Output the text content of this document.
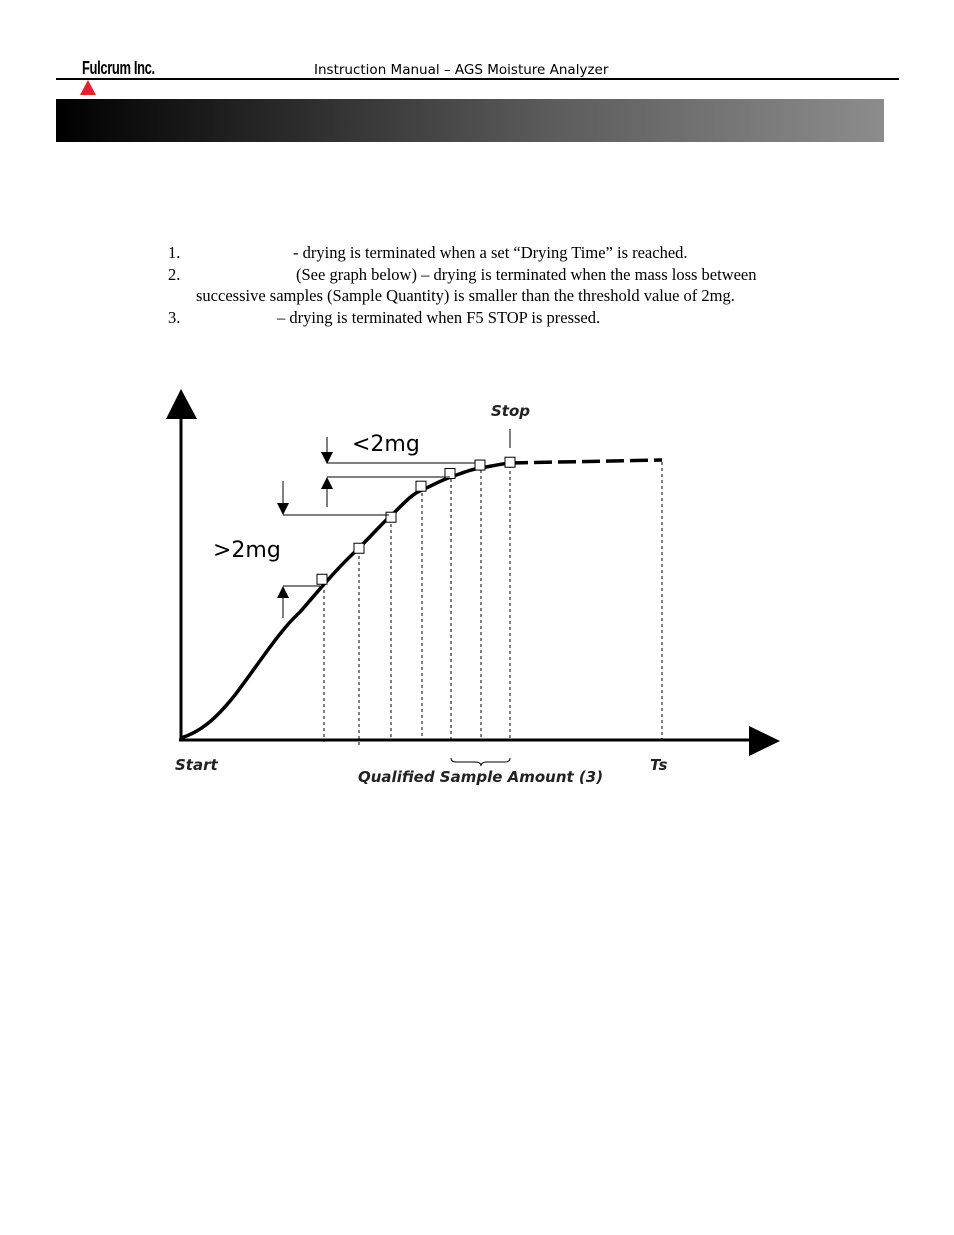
Fulcrum Inc.	Instruction Manual – AGS Moisture Analyzer
1.	- drying is terminated when a set “Drying Time” is reached.
2.	(See graph below) – drying is terminated when the mass loss between
successive samples (Sample Quantity) is smaller than the threshold value of 2mg.
3.	– drying is terminated when F5 STOP is pressed.
<2mg
>2mg
Stop
Start	Ts
Qualified Sample Amount (3)
